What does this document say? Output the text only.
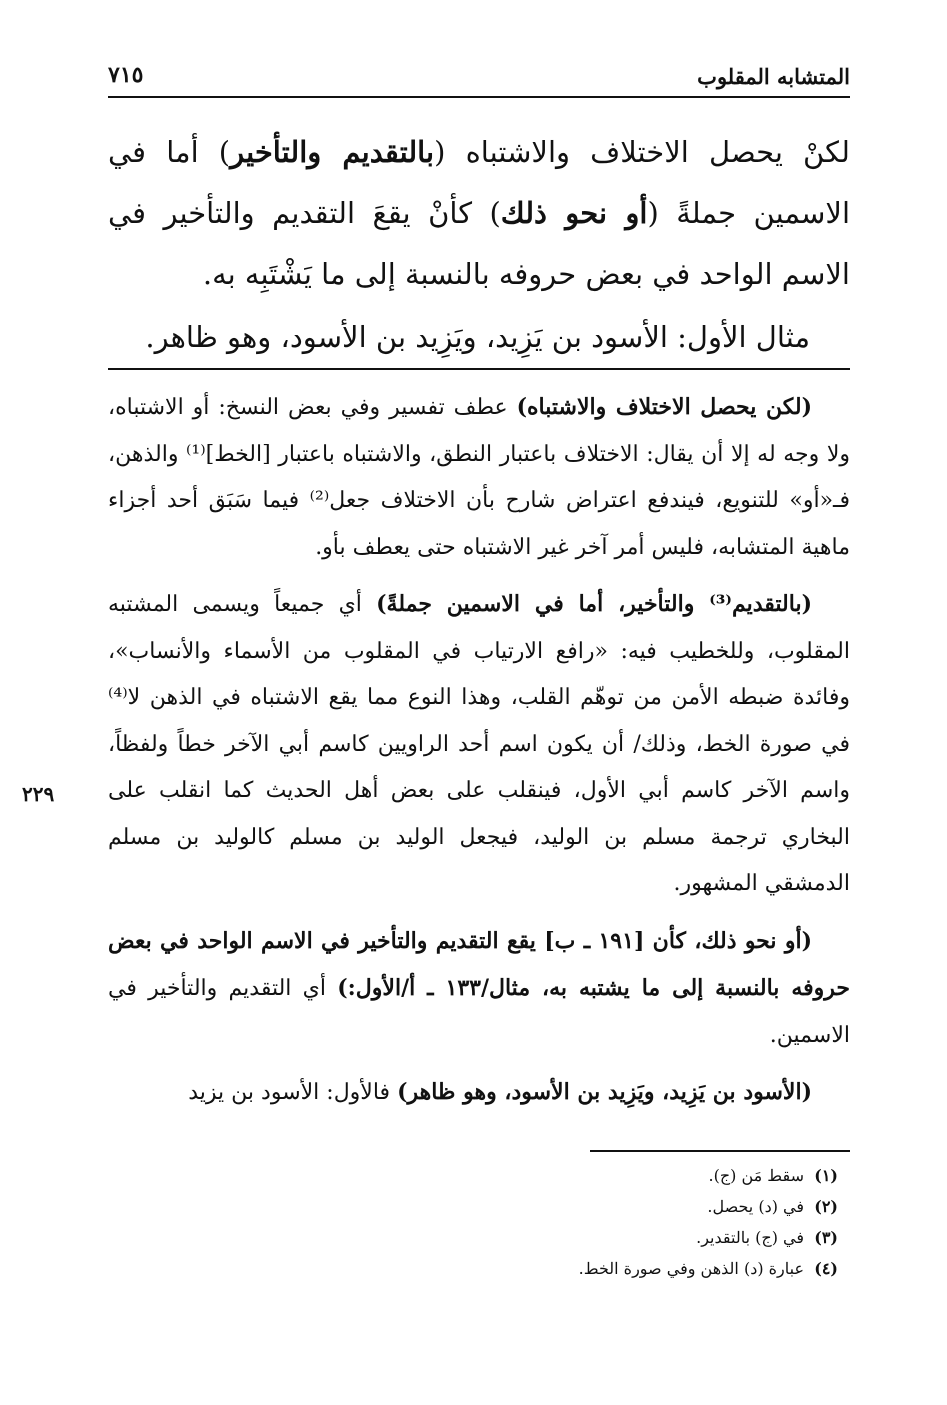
المتشابه المقلوب
٧١٥

لكنْ يحصل الاختلاف والاشتباه (بالتقديم والتأخير) أما في الاسمين جملةً (أو نحو ذلك) كأنْ يقعَ التقديم والتأخير في الاسم الواحد في بعض حروفه بالنسبة إلى ما يَشْتَبِه به.

مثال الأول: الأسود بن يَزِيد، ويَزِيد بن الأسود، وهو ظاهر.

(لكن يحصل الاختلاف والاشتباه) عطف تفسير وفي بعض النسخ: أو الاشتباه، ولا وجه له إلا أن يقال: الاختلاف باعتبار النطق، والاشتباه باعتبار [الخط]⁽¹⁾ والذهن، فـ«أو» للتنويع، فيندفع اعتراض شارح بأن الاختلاف جعل⁽²⁾ فيما سَبَق أحد أجزاء ماهية المتشابه، فليس أمر آخر غير الاشتباه حتى يعطف بأو.

(بالتقديم⁽³⁾ والتأخير، أما في الاسمين جملةً) أي جميعاً ويسمى المشتبه المقلوب، وللخطيب فيه: «رافع الارتياب في المقلوب من الأسماء والأنساب»، وفائدة ضبطه الأمن من توهّم القلب، وهذا النوع مما يقع الاشتباه في الذهن لا⁽⁴⁾ في صورة الخط، وذلك/ أن يكون اسم أحد الراويين كاسم أبي الآخر خطاً ولفظاً، واسم الآخر كاسم أبي الأول، فينقلب على بعض أهل الحديث كما انقلب على البخاري ترجمة مسلم بن الوليد، فيجعل الوليد بن مسلم كالوليد بن مسلم الدمشقي المشهور.

(أو نحو ذلك، كأن [١٩١ ـ ب] يقع التقديم والتأخير في الاسم الواحد في بعض حروفه بالنسبة إلى ما يشتبه به، مثال/١٣٣ ـ أ/الأول:) أي التقديم والتأخير في الاسمين.

(الأسود بن يَزِيد، ويَزِيد بن الأسود، وهو ظاهر) فالأول: الأسود بن يزيد

٢٢٩
(١)سقط مَن (ج).
(٢)في (د) يحصل.
(٣)في (ج) بالتقدير.
(٤)عبارة (د) الذهن وفي صورة الخط.
